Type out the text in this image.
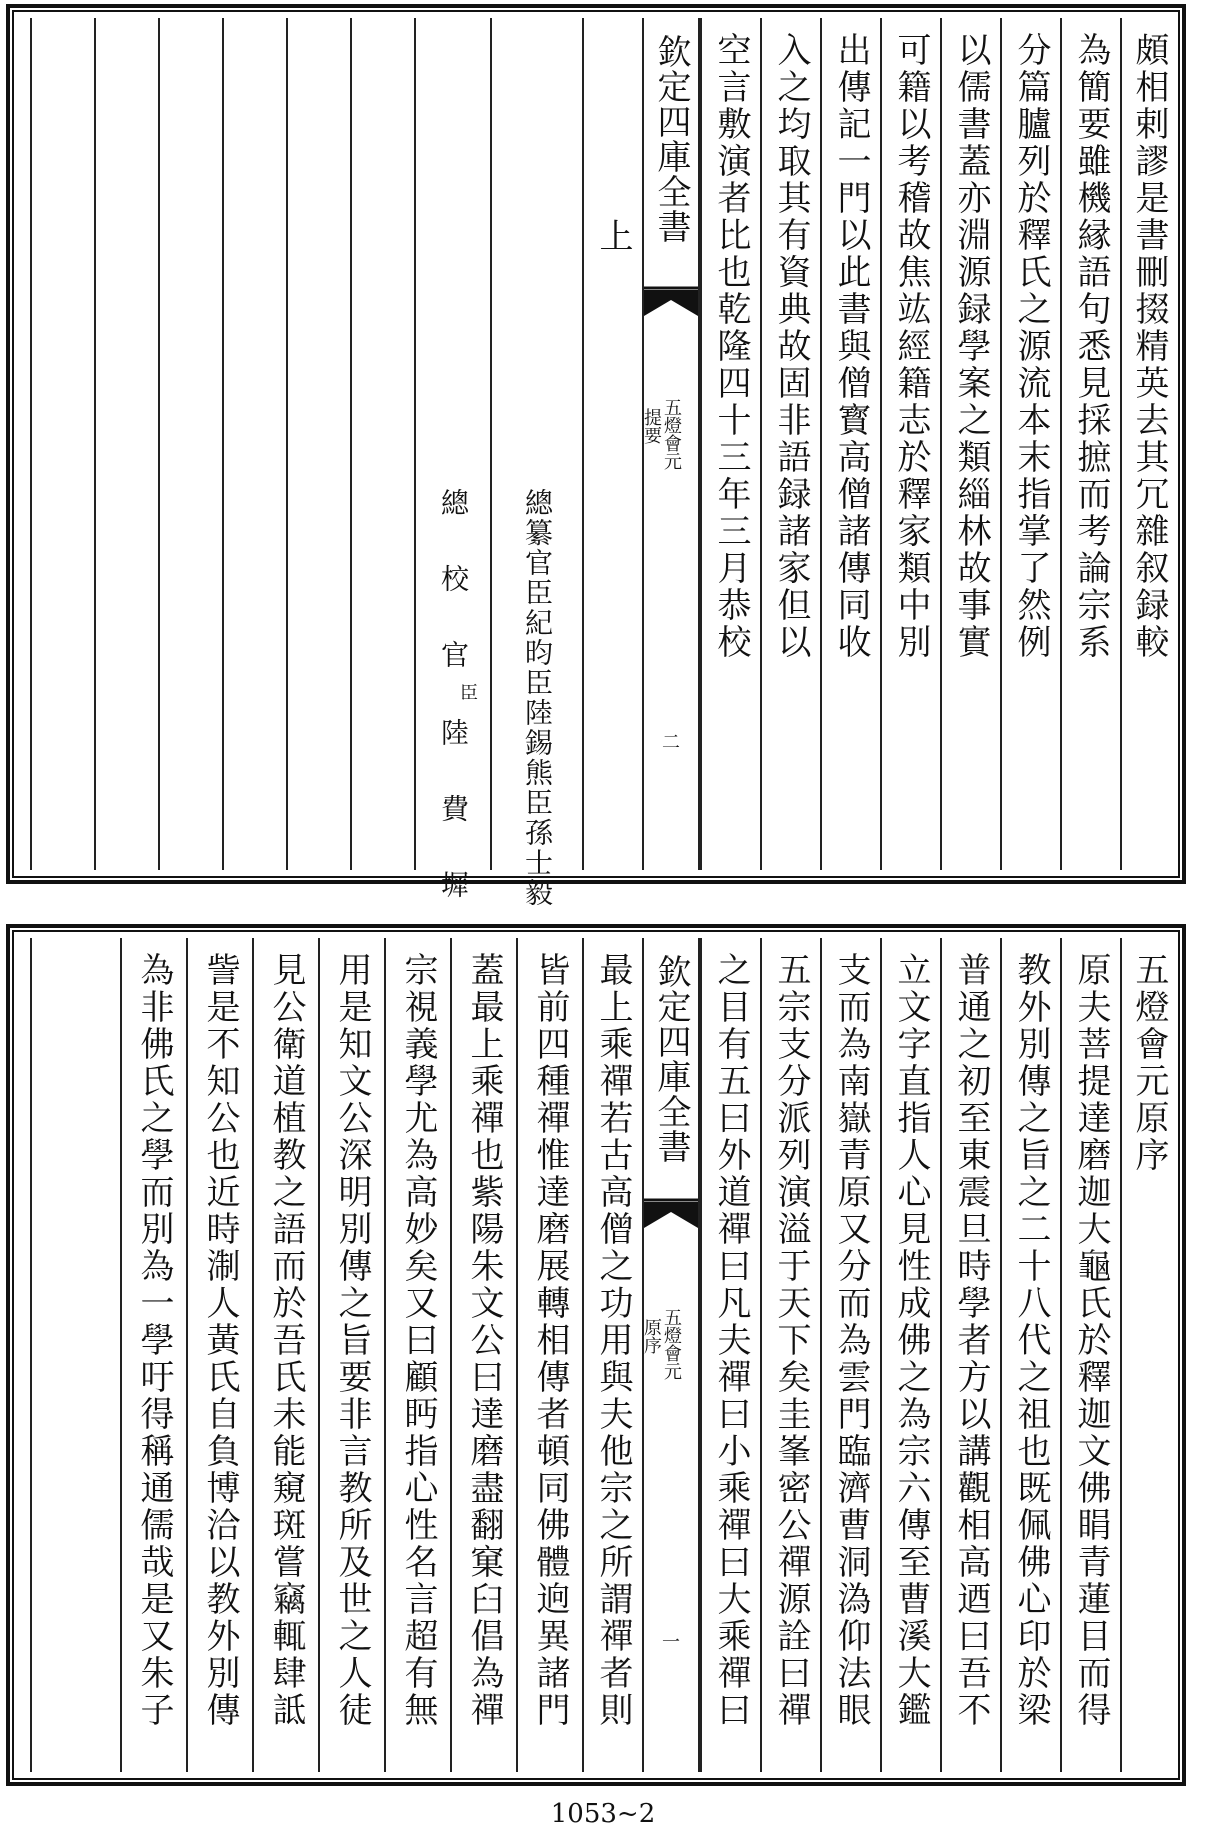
頗相剌謬是書刪掇精英去其冗雜叙録較
為簡要雖機縁語句悉見採摭而考論宗系
分篇臚列於釋氏之源流本末指掌了然例
以儒書蓋亦淵源録學案之類緇林故事實
可籍以考稽故焦竑經籍志於釋家類中別
出傳記一門以此書與僧寳高僧諸傳同收
入之均取其有資典故固非語録諸家但以
空言敷演者比也乾隆四十三年三月恭校
欽定四庫全書
五燈會元
提要
二
上
總纂官臣紀昀臣陸錫熊臣孫士毅
總　校　官
臣
陸　費　墀
五燈會元原序
原夫菩提達磨迦大龜氏於釋迦文佛睊青蓮目而得
教外別傳之旨之二十八代之祖也既佩佛心印於梁
普通之初至東震旦時學者方以講觀相高迺曰吾不
立文字直指人心見性成佛之為宗六傳至曹溪大鑑
支而為南嶽青原又分而為雲門臨濟曹洞溈仰法眼
五宗支分派列演溢于天下矣圭峯密公禪源詮曰禪
之目有五曰外道禪曰凡夫禪曰小乘禪曰大乘禪曰
欽定四庫全書
五燈會元
原序
一
最上乘禪若古高僧之功用與夫他宗之所謂禪者則
皆前四種禪惟達磨展轉相傳者頓同佛體逈異諸門
蓋最上乘禪也紫陽朱文公曰達磨盡翻窠臼倡為禪
宗視義學尤為高妙矣又曰顧眄指心性名言超有無
用是知文公深明別傳之旨要非言教所及世之人徒
見公衛道植教之語而於吾氏未能窺斑嘗竊輒肆詆
訾是不知公也近時淛人黃氏自負博洽以教外別傳
為非佛氏之學而別為一學吁得稱通儒哉是又朱子
1053~2
